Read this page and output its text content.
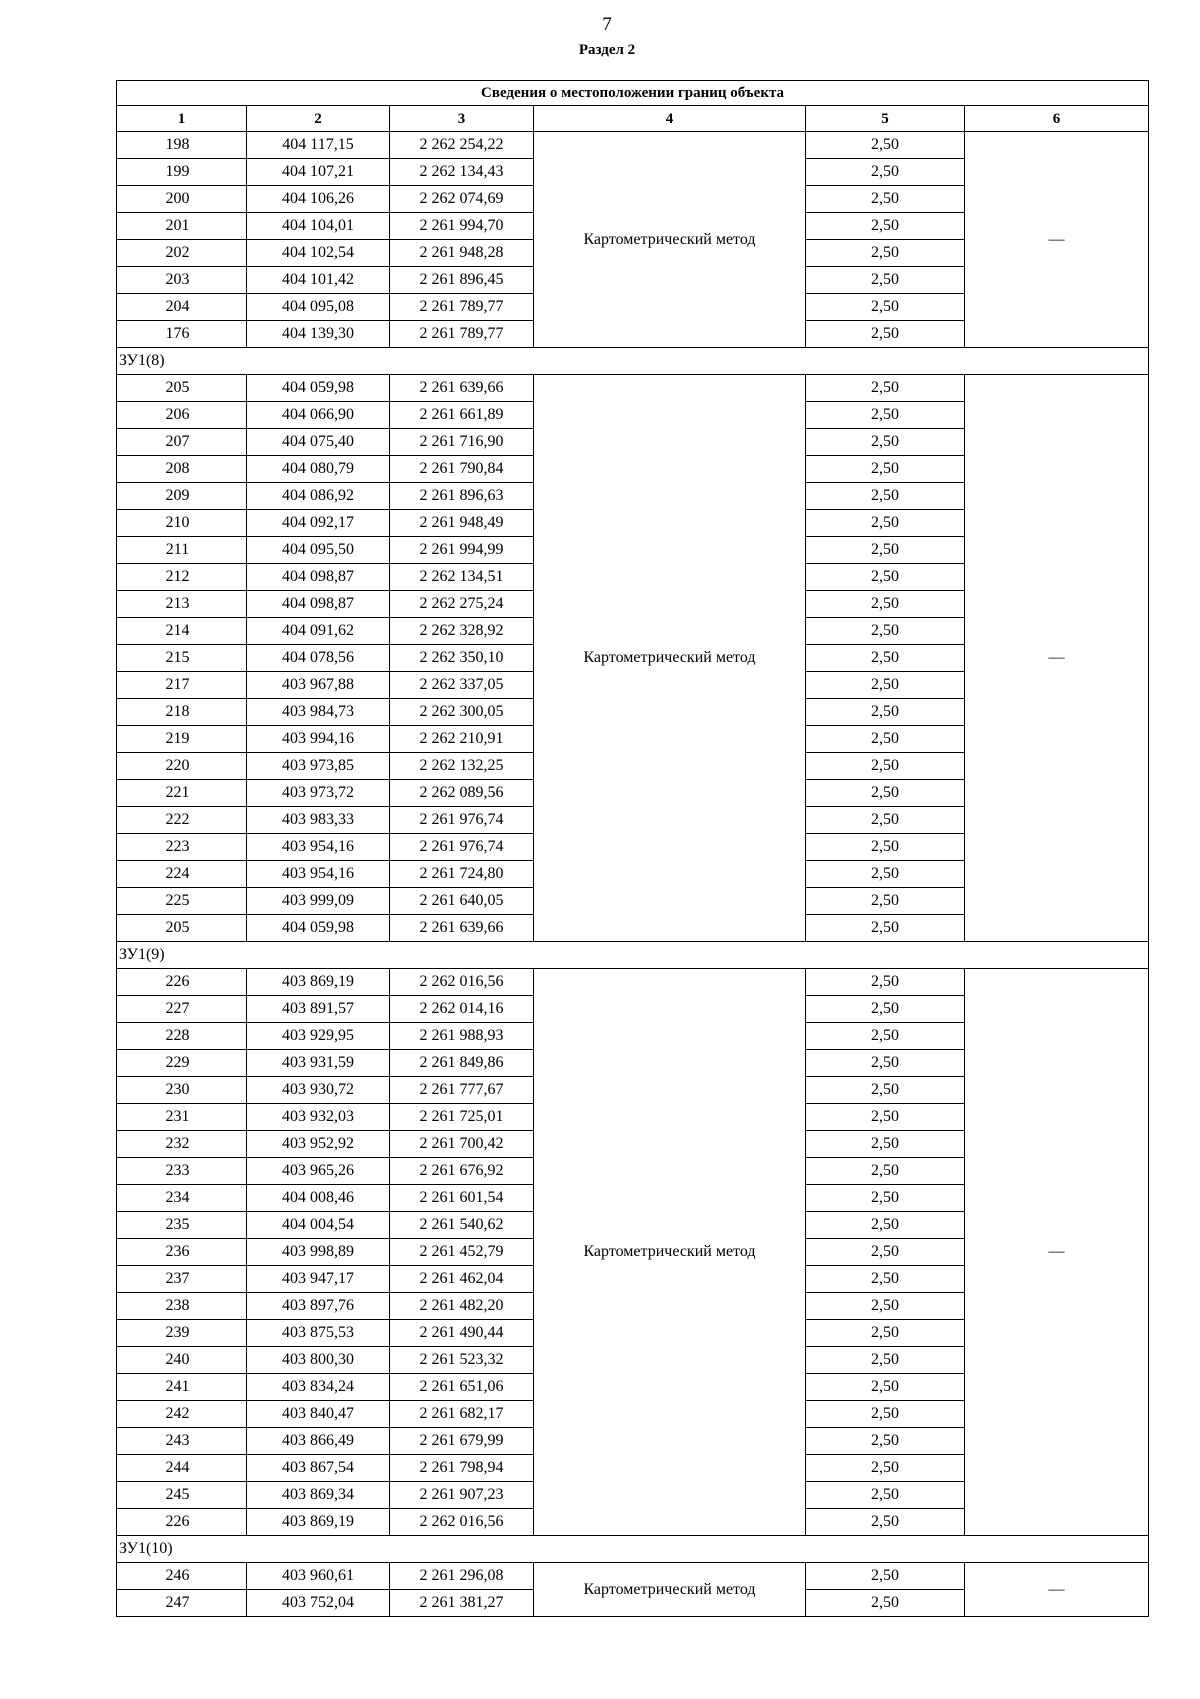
7
Раздел 2
Сведения о местоположении границ объекта					
1	2	3	4	5	6
198	404 117,15	2 262 254,22	Картометрический метод	2,50	—
199	404 107,21	2 262 134,43		2,50	
200	404 106,26	2 262 074,69		2,50	
201	404 104,01	2 261 994,70		2,50	
202	404 102,54	2 261 948,28		2,50	
203	404 101,42	2 261 896,45		2,50	
204	404 095,08	2 261 789,77		2,50	
176	404 139,30	2 261 789,77		2,50	
ЗУ1(8)					
205	404 059,98	2 261 639,66	Картометрический метод	2,50	—
206	404 066,90	2 261 661,89		2,50	
207	404 075,40	2 261 716,90		2,50	
208	404 080,79	2 261 790,84		2,50	
209	404 086,92	2 261 896,63		2,50	
210	404 092,17	2 261 948,49		2,50	
211	404 095,50	2 261 994,99		2,50	
212	404 098,87	2 262 134,51		2,50	
213	404 098,87	2 262 275,24		2,50	
214	404 091,62	2 262 328,92		2,50	
215	404 078,56	2 262 350,10		2,50	
217	403 967,88	2 262 337,05		2,50	
218	403 984,73	2 262 300,05		2,50	
219	403 994,16	2 262 210,91		2,50	
220	403 973,85	2 262 132,25		2,50	
221	403 973,72	2 262 089,56		2,50	
222	403 983,33	2 261 976,74		2,50	
223	403 954,16	2 261 976,74		2,50	
224	403 954,16	2 261 724,80		2,50	
225	403 999,09	2 261 640,05		2,50	
205	404 059,98	2 261 639,66		2,50	
ЗУ1(9)					
226	403 869,19	2 262 016,56	Картометрический метод	2,50	—
227	403 891,57	2 262 014,16		2,50	
228	403 929,95	2 261 988,93		2,50	
229	403 931,59	2 261 849,86		2,50	
230	403 930,72	2 261 777,67		2,50	
231	403 932,03	2 261 725,01		2,50	
232	403 952,92	2 261 700,42		2,50	
233	403 965,26	2 261 676,92		2,50	
234	404 008,46	2 261 601,54		2,50	
235	404 004,54	2 261 540,62		2,50	
236	403 998,89	2 261 452,79		2,50	
237	403 947,17	2 261 462,04		2,50	
238	403 897,76	2 261 482,20		2,50	
239	403 875,53	2 261 490,44		2,50	
240	403 800,30	2 261 523,32		2,50	
241	403 834,24	2 261 651,06		2,50	
242	403 840,47	2 261 682,17		2,50	
243	403 866,49	2 261 679,99		2,50	
244	403 867,54	2 261 798,94		2,50	
245	403 869,34	2 261 907,23		2,50	
226	403 869,19	2 262 016,56		2,50	
ЗУ1(10)					
246	403 960,61	2 261 296,08	Картометрический метод	2,50	—
247	403 752,04	2 261 381,27		2,50	
